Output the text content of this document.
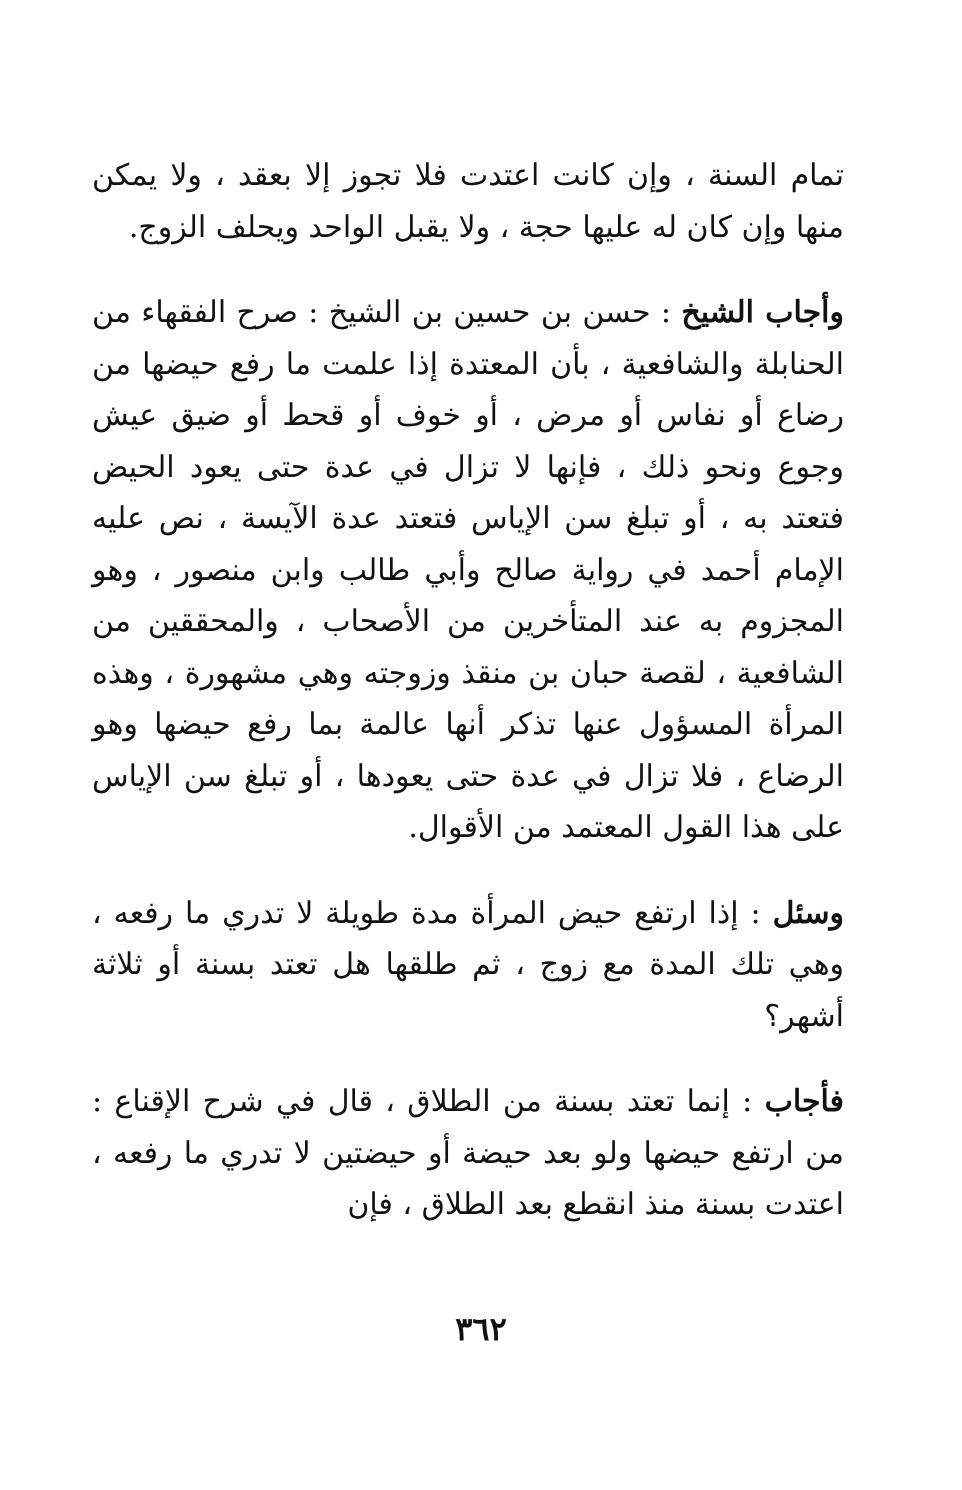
تمام السنة ، وإن كانت اعتدت فلا تجوز إلا بعقد ، ولا يمكن منها وإن كان له عليها حجة ، ولا يقبل الواحد ويحلف الزوج.

وأجاب الشيخ : حسن بن حسين بن الشيخ : صرح الفقهاء من الحنابلة والشافعية ، بأن المعتدة إذا علمت ما رفع حيضها من رضاع أو نفاس أو مرض ، أو خوف أو قحط أو ضيق عيش وجوع ونحو ذلك ، فإنها لا تزال في عدة حتى يعود الحيض فتعتد به ، أو تبلغ سن الإياس فتعتد عدة الآيسة ، نص عليه الإمام أحمد في رواية صالح وأبي طالب وابن منصور ، وهو المجزوم به عند المتأخرين من الأصحاب ، والمحققين من الشافعية ، لقصة حبان بن منقذ وزوجته وهي مشهورة ، وهذه المرأة المسؤول عنها تذكر أنها عالمة بما رفع حيضها وهو الرضاع ، فلا تزال في عدة حتى يعودها ، أو تبلغ سن الإياس على هذا القول المعتمد من الأقوال.

وسئل : إذا ارتفع حيض المرأة مدة طويلة لا تدري ما رفعه ، وهي تلك المدة مع زوج ، ثم طلقها هل تعتد بسنة أو ثلاثة أشهر؟

فأجاب : إنما تعتد بسنة من الطلاق ، قال في شرح الإقناع : من ارتفع حيضها ولو بعد حيضة أو حيضتين لا تدري ما رفعه ، اعتدت بسنة منذ انقطع بعد الطلاق ، فإن

٣٦٢
